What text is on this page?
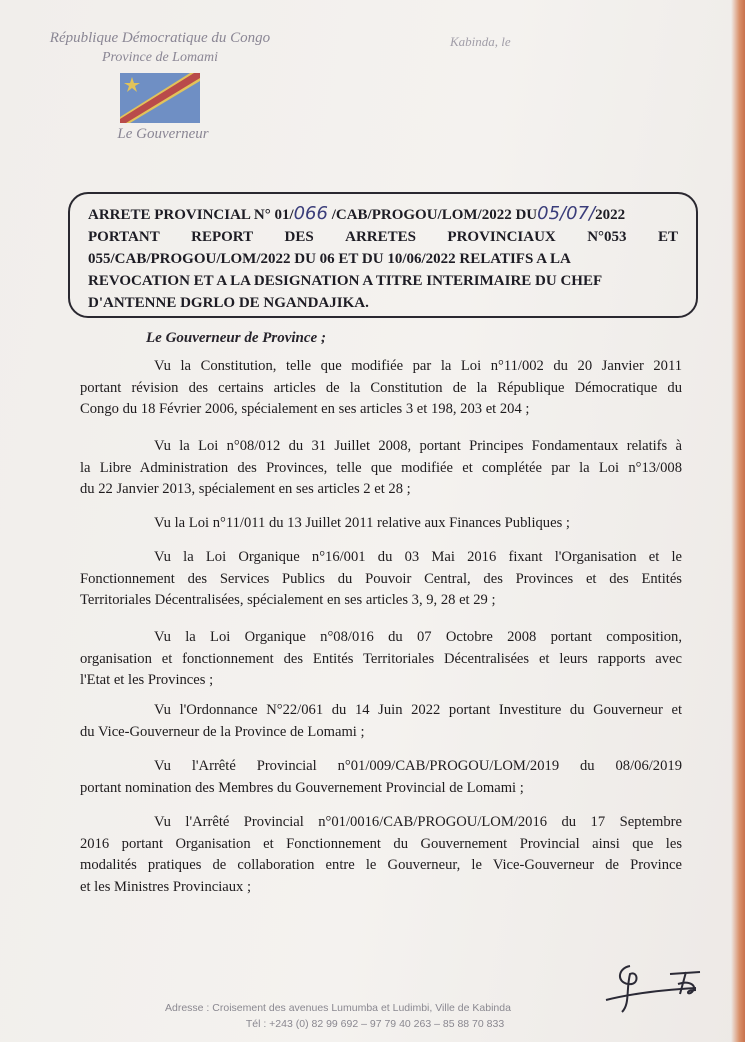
République Démocratique du Congo
Province de Lomami
Le Gouverneur
Kabinda, le
ARRETE PROVINCIAL N° 01/066 /CAB/PROGOU/LOM/2022 DU05/07/2022
PORTANT REPORT DES ARRETES PROVINCIAUX N°053 ET
055/CAB/PROGOU/LOM/2022 DU 06 ET DU 10/06/2022 RELATIFS A LA
REVOCATION ET A LA DESIGNATION A TITRE INTERIMAIRE DU CHEF
D'ANTENNE DGRLO DE NGANDAJIKA.
Le Gouverneur de Province ;
Vu la Constitution, telle que modifiée par la Loi n°11/002 du 20 Janvier 2011
portant révision des certains articles de la Constitution de la République Démocratique du
Congo du 18 Février 2006, spécialement en ses articles 3 et 198, 203 et 204 ;
Vu la Loi n°08/012 du 31 Juillet 2008, portant Principes Fondamentaux relatifs à
la Libre Administration des Provinces, telle que modifiée et complétée par la Loi n°13/008
du 22 Janvier 2013, spécialement en ses articles 2 et 28 ;
Vu la Loi n°11/011 du 13 Juillet 2011 relative aux Finances Publiques ;
Vu la Loi Organique n°16/001 du 03 Mai 2016 fixant l'Organisation et le
Fonctionnement des Services Publics du Pouvoir Central, des Provinces et des Entités
Territoriales Décentralisées, spécialement en ses articles 3, 9, 28 et 29 ;
Vu la Loi Organique n°08/016 du 07 Octobre 2008 portant composition,
organisation et fonctionnement des Entités Territoriales Décentralisées et leurs rapports avec
l'Etat et les Provinces ;
Vu l'Ordonnance N°22/061 du 14 Juin 2022 portant Investiture du Gouverneur et
du Vice-Gouverneur de la Province de Lomami ;
Vu l'Arrêté Provincial n°01/009/CAB/PROGOU/LOM/2019 du 08/06/2019
portant nomination des Membres du Gouvernement Provincial de Lomami ;
Vu l'Arrêté Provincial n°01/0016/CAB/PROGOU/LOM/2016 du 17 Septembre
2016 portant Organisation et Fonctionnement du Gouvernement Provincial ainsi que les
modalités pratiques de collaboration entre le Gouverneur, le Vice-Gouverneur de Province
et les Ministres Provinciaux ;
Adresse : Croisement des avenues Lumumba et Ludimbi, Ville de Kabinda
Tél : +243 (0) 82 99 692 – 97 79 40 263 – 85 88 70 833
